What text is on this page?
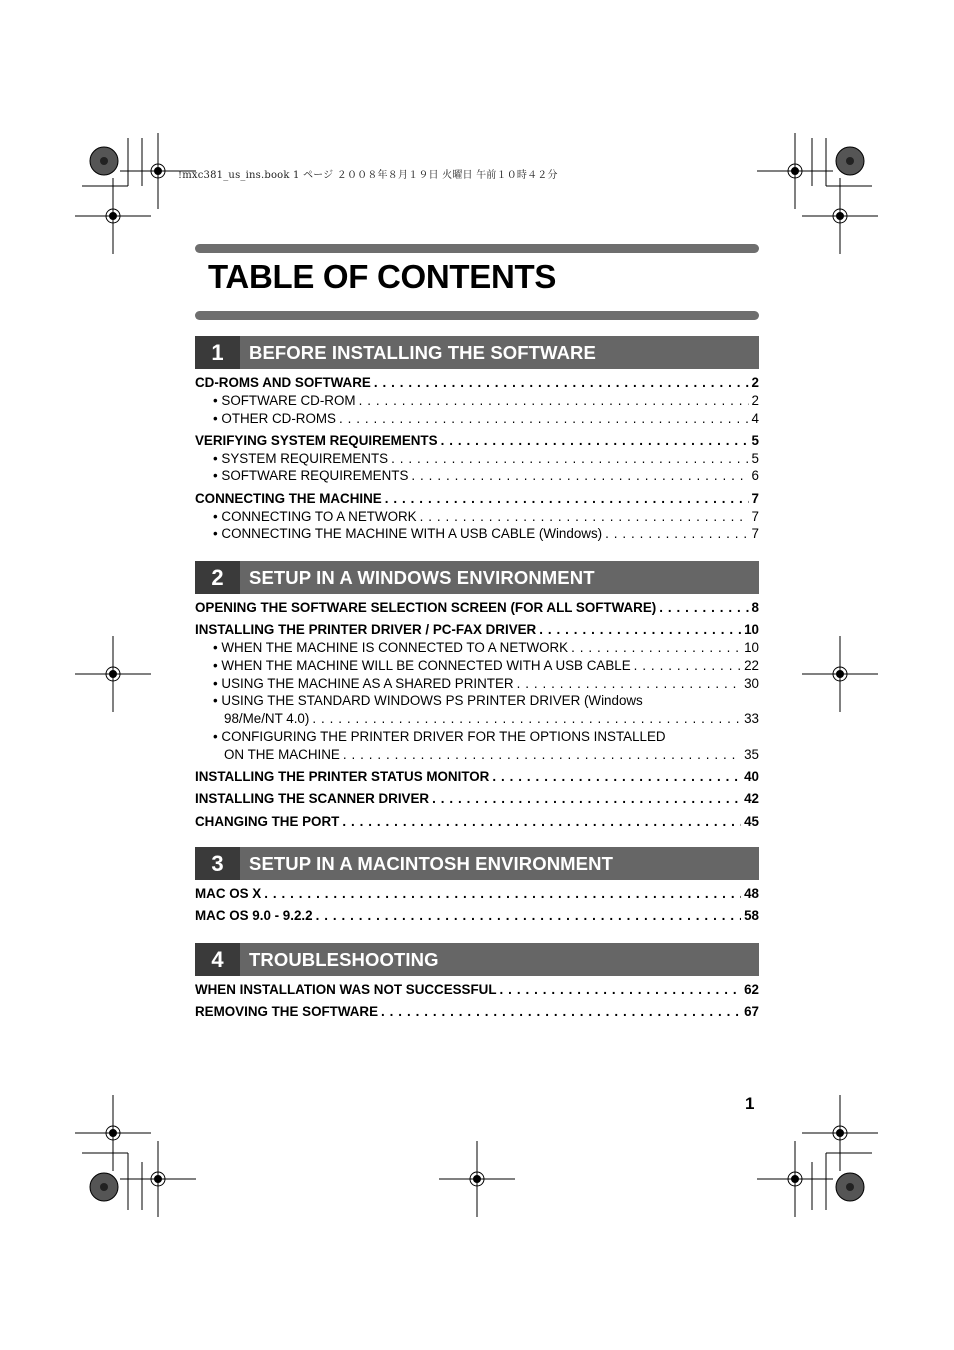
!mxc381_us_ins.book 1 ページ ２００８年８月１９日 火曜日 午前１０時４２分
TABLE OF CONTENTS
1	BEFORE INSTALLING THE SOFTWARE
CD-ROMS AND SOFTWARE . . .	2
• SOFTWARE CD-ROM . . .	2
• OTHER CD-ROMS . . .	4
VERIFYING SYSTEM REQUIREMENTS . . .	5
• SYSTEM REQUIREMENTS . . .	5
• SOFTWARE REQUIREMENTS . . .	6
CONNECTING THE MACHINE . . .	7
• CONNECTING TO A NETWORK . . .	7
• CONNECTING THE MACHINE WITH A USB CABLE (Windows) . . .	7
2	SETUP IN A WINDOWS ENVIRONMENT
OPENING THE SOFTWARE SELECTION SCREEN (FOR ALL SOFTWARE) . . .	8
INSTALLING THE PRINTER DRIVER / PC-FAX DRIVER . . .	10
• WHEN THE MACHINE IS CONNECTED TO A NETWORK . . .	10
• WHEN THE MACHINE WILL BE CONNECTED WITH A USB CABLE . . .	22
• USING THE MACHINE AS A SHARED PRINTER . . .	30
• USING THE STANDARD WINDOWS PS PRINTER DRIVER (Windows
98/Me/NT 4.0) . . .	33
• CONFIGURING THE PRINTER DRIVER FOR THE OPTIONS INSTALLED
ON THE MACHINE . . .	35
INSTALLING THE PRINTER STATUS MONITOR . . .	40
INSTALLING THE SCANNER DRIVER . . .	42
CHANGING THE PORT . . .	45
3	SETUP IN A MACINTOSH ENVIRONMENT
MAC OS X . . .	48
MAC OS 9.0 - 9.2.2 . . .	58
4	TROUBLESHOOTING
WHEN INSTALLATION WAS NOT SUCCESSFUL . . .	62
REMOVING THE SOFTWARE . . .	67
1
